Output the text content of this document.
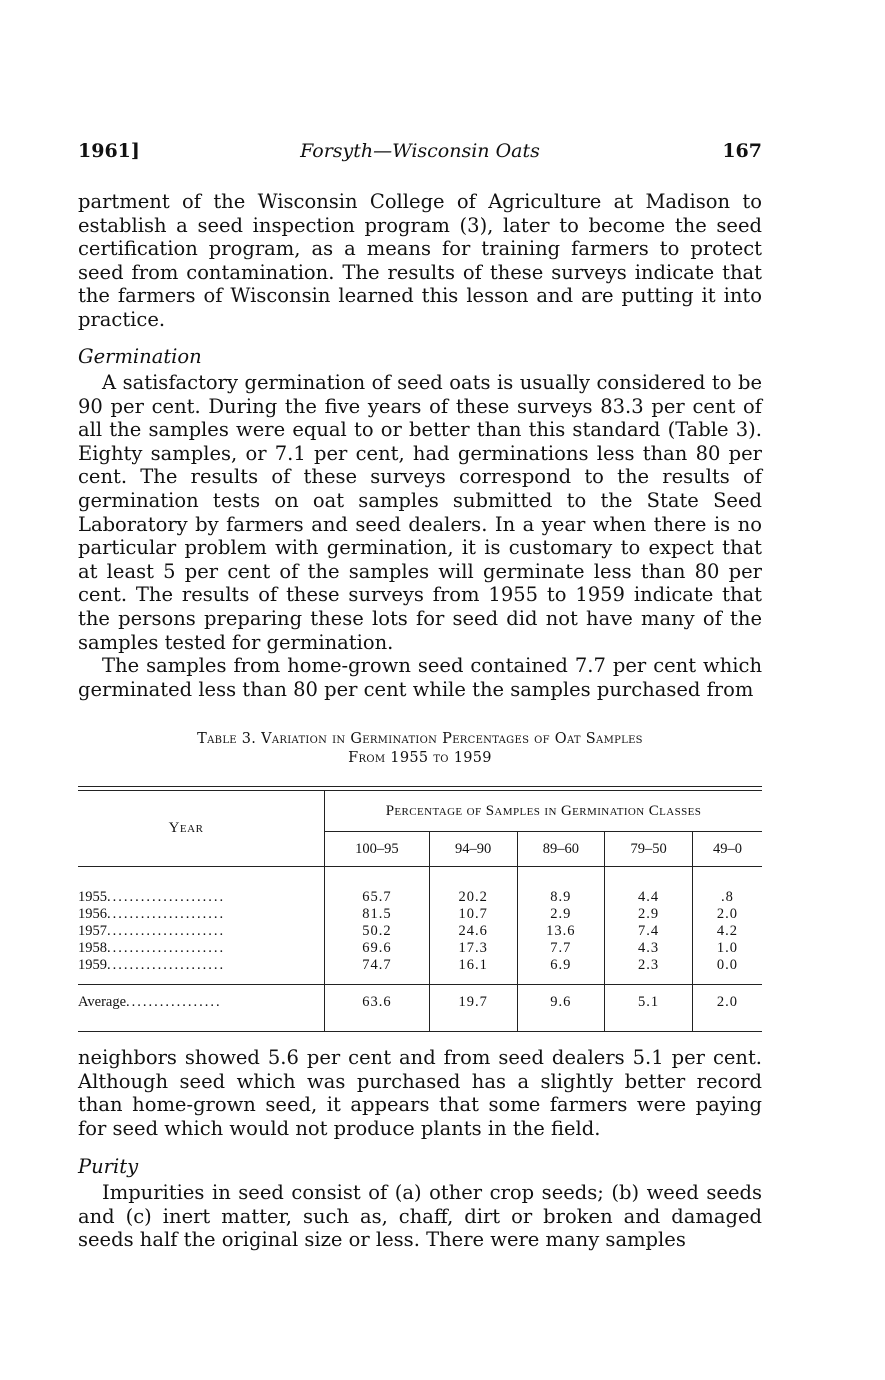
1961]	Forsyth—Wisconsin Oats	167

partment of the Wisconsin College of Agriculture at Madison to establish a seed inspection program (3), later to become the seed certification program, as a means for training farmers to protect seed from contamination. The results of these surveys indicate that the farmers of Wisconsin learned this lesson and are putting it into practice.

Germination

A satisfactory germination of seed oats is usually considered to be 90 per cent. During the five years of these surveys 83.3 per cent of all the samples were equal to or better than this standard (Table 3). Eighty samples, or 7.1 per cent, had germinations less than 80 per cent. The results of these surveys correspond to the results of germination tests on oat samples submitted to the State Seed Laboratory by farmers and seed dealers. In a year when there is no particular problem with germination, it is customary to expect that at least 5 per cent of the samples will germinate less than 80 per cent. The results of these surveys from 1955 to 1959 indicate that the persons preparing these lots for seed did not have many of the samples tested for germination.

The samples from home-grown seed contained 7.7 per cent which germinated less than 80 per cent while the samples purchased from

Table 3. Variation in Germination Percentages of Oat Samples
From 1955 to 1959
Year	Percentage of Samples in Germination Classes				
	100–95	94–90	89–60	79–50	49–0

1955.....................	65.7	20.2	8.9	4.4	.8
1956.....................	81.5	10.7	2.9	2.9	2.0
1957.....................	50.2	24.6	13.6	7.4	4.2
1958.....................	69.6	17.3	7.7	4.3	1.0
1959.....................	74.7	16.1	6.9	2.3	0.0

Average.................	63.6	19.7	9.6	5.1	2.0

neighbors showed 5.6 per cent and from seed dealers 5.1 per cent. Although seed which was purchased has a slightly better record than home-grown seed, it appears that some farmers were paying for seed which would not produce plants in the field.

Purity

Impurities in seed consist of (a) other crop seeds; (b) weed seeds and (c) inert matter, such as, chaff, dirt or broken and damaged seeds half the original size or less. There were many samples
